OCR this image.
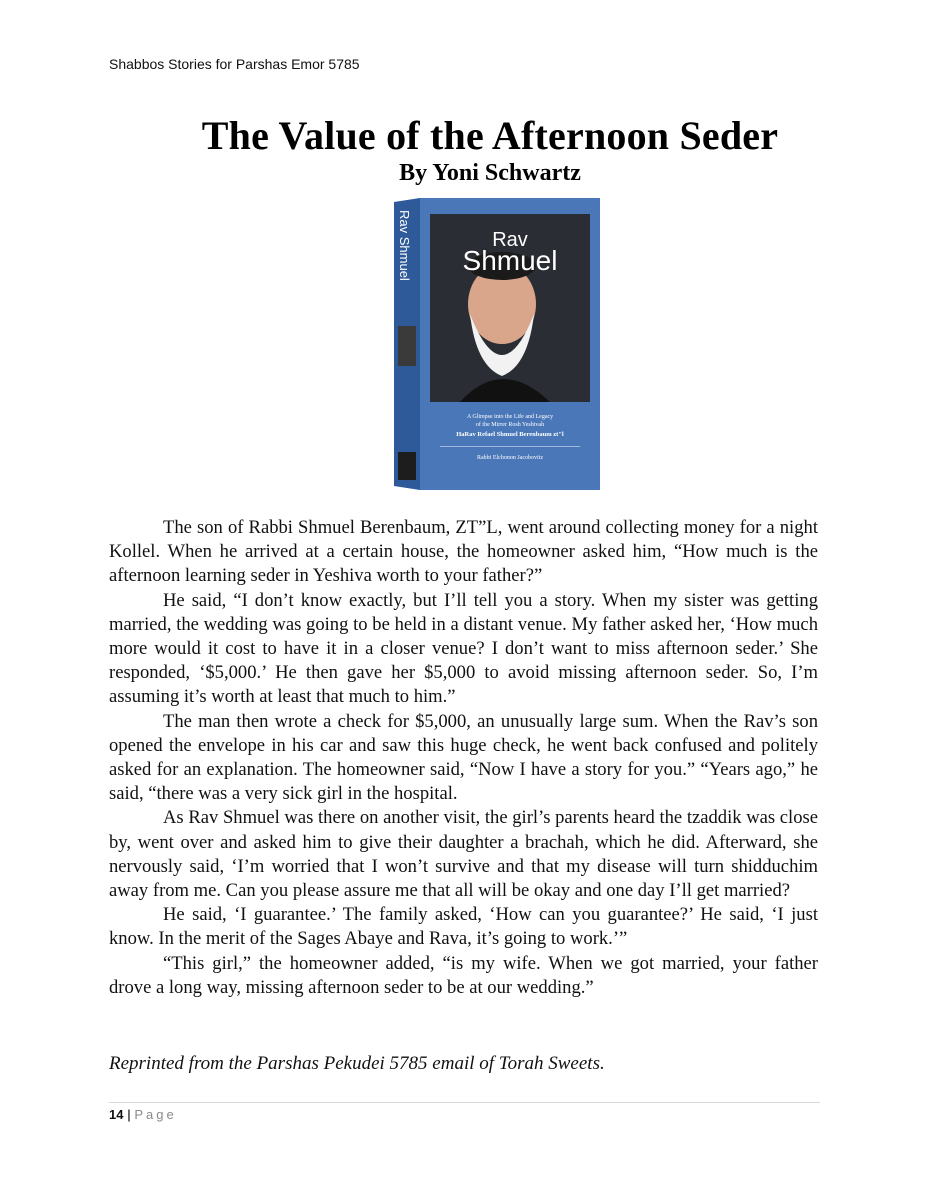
Shabbos Stories for Parshas Emor 5785
The Value of the Afternoon Seder
By Yoni Schwartz
Rav Shmuel	Rav
Shmuel
A Glimpse into the Life and Legacy
of the Mirrer Rosh Yeshivah
HaRav Refael Shmuel Berenbaum zt"l
Rabbi Elchonon Jacobovitz

The son of Rabbi Shmuel Berenbaum, ZT”L, went around collecting money for a night Kollel. When he arrived at a certain house, the homeowner asked him, “How much is the afternoon learning seder in Yeshiva worth to your father?”

He said, “I don’t know exactly, but I’ll tell you a story. When my sister was getting married, the wedding was going to be held in a distant venue. My father asked her, ‘How much more would it cost to have it in a closer venue? I don’t want to miss afternoon seder.’ She responded, ‘$5,000.’ He then gave her $5,000 to avoid missing afternoon seder. So, I’m assuming it’s worth at least that much to him.”

The man then wrote a check for $5,000, an unusually large sum. When the Rav’s son opened the envelope in his car and saw this huge check, he went back confused and politely asked for an explanation. The homeowner said, “Now I have a story for you.” “Years ago,” he said, “there was a very sick girl in the hospital.

As Rav Shmuel was there on another visit, the girl’s parents heard the tzaddik was close by, went over and asked him to give their daughter a brachah, which he did. Afterward, she nervously said, ‘I’m worried that I won’t survive and that my disease will turn shidduchim away from me. Can you please assure me that all will be okay and one day I’ll get married?

He said, ‘I guarantee.’ The family asked, ‘How can you guarantee?’ He said, ‘I just know. In the merit of the Sages Abaye and Rava, it’s going to work.’”

“This girl,” the homeowner added, “is my wife. When we got married, your father drove a long way, missing afternoon seder to be at our wedding.”

Reprinted from the Parshas Pekudei 5785 email of Torah Sweets.
14 | Page
